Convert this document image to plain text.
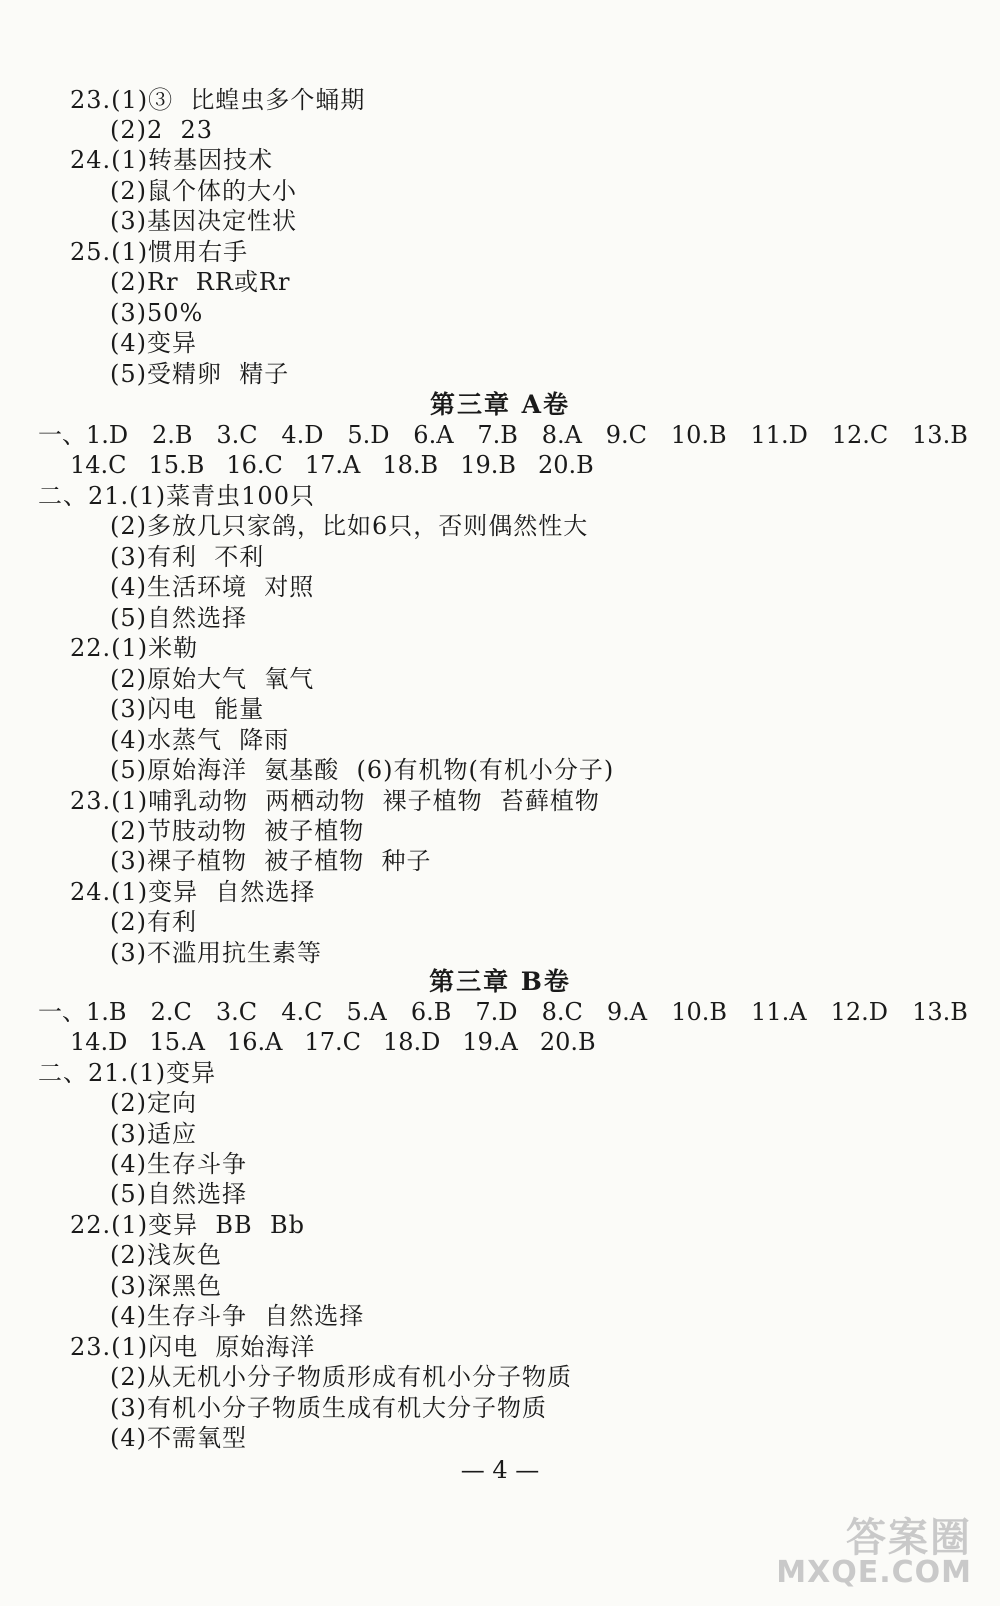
23.(1)③  比蝗虫多个蛹期
(2)2  23
24.(1)转基因技术
(2)鼠个体的大小
(3)基因决定性状
25.(1)惯用右手
(2)Rr  RR或Rr
(3)50%
(4)变异
(5)受精卵  精子
第三章 A卷
一、1.D 2.B 3.C 4.D 5.D 6.A 7.B 8.A 9.C 10.B 11.D 12.C 13.B
14.C 15.B 16.C 17.A 18.B 19.B 20.B
二、21.(1)菜青虫100只
(2)多放几只家鸽，比如6只，否则偶然性大
(3)有利  不利
(4)生活环境  对照
(5)自然选择
22.(1)米勒
(2)原始大气  氧气
(3)闪电  能量
(4)水蒸气  降雨
(5)原始海洋  氨基酸  (6)有机物(有机小分子)
23.(1)哺乳动物  两栖动物  裸子植物  苔藓植物
(2)节肢动物  被子植物
(3)裸子植物  被子植物  种子
24.(1)变异  自然选择
(2)有利
(3)不滥用抗生素等
第三章 B卷
一、1.B 2.C 3.C 4.C 5.A 6.B 7.D 8.C 9.A 10.B 11.A 12.D 13.B
14.D 15.A 16.A 17.C 18.D 19.A 20.B
二、21.(1)变异
(2)定向
(3)适应
(4)生存斗争
(5)自然选择
22.(1)变异  BB  Bb
(2)浅灰色
(3)深黑色
(4)生存斗争  自然选择
23.(1)闪电  原始海洋
(2)从无机小分子物质形成有机小分子物质
(3)有机小分子物质生成有机大分子物质
(4)不需氧型
— 4 —
答案圈
MXQE.COM
